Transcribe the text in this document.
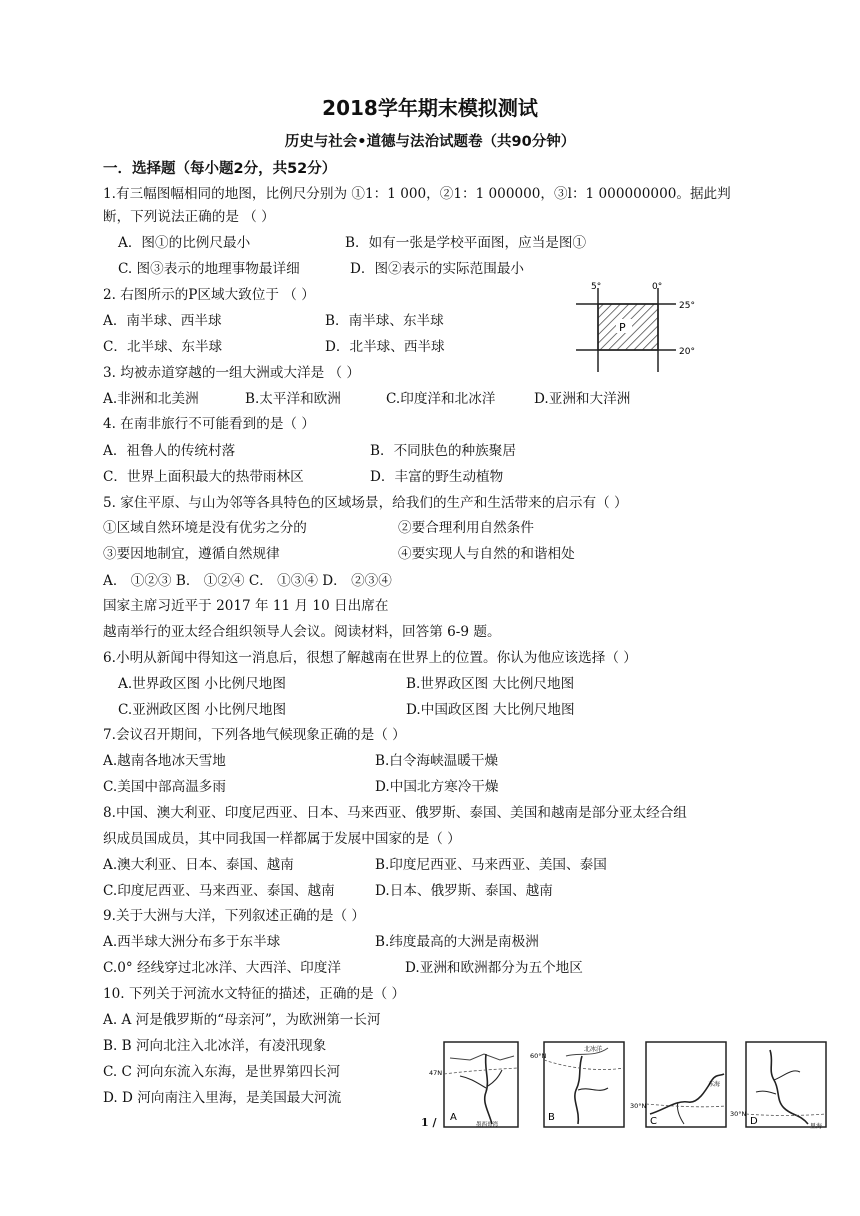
2018学年期末模拟测试
历史与社会•道德与法治试题卷（共90分钟）
一．选择题（每小题2分，共52分）
1.有三幅图幅相同的地图，比例尺分别为 ①1：1 000，②1：1 000000，③l：1 000000000。据此判
断，下列说法正确的是 （ ）
A．图①的比例尺最小	B．如有一张是学校平面图，应当是图①
C. 图③表示的地理事物最详细	D．图②表示的实际范围最小
2. 右图所示的P区域大致位于 （ ）
A．南半球、西半球	B．南半球、东半球
C．北半球、东半球	D．北半球、西半球
P
5°	0°
25°
20°
3. 均被赤道穿越的一组大洲或大洋是 （ ）
A.非洲和北美洲	B.太平洋和欧洲	C.印度洋和北冰洋	D.亚洲和大洋洲
4. 在南非旅行不可能看到的是（ ）
A．祖鲁人的传统村落	B．不同肤色的种族聚居
C．世界上面积最大的热带雨林区	D．丰富的野生动植物
5. 家住平原、与山为邻等各具特色的区域场景，给我们的生产和生活带来的启示有（ ）
①区域自然环境是没有优劣之分的	②要合理利用自然条件
③要因地制宜，遵循自然规律	④要实现人与自然的和谐相处
A． ①②③ B． ①②④ C． ①③④ D． ②③④
国家主席习近平于 2017 年 11 月 10 日出席在
越南举行的亚太经合组织领导人会议。阅读材料，回答第 6-9 题。
6.小明从新闻中得知这一消息后，很想了解越南在世界上的位置。你认为他应该选择（ ）
A.世界政区图 小比例尺地图	B.世界政区图 大比例尺地图
C.亚洲政区图 小比例尺地图	D.中国政区图 大比例尺地图
7.会议召开期间，下列各地气候现象正确的是（ ）
A.越南各地冰天雪地	B.白令海峡温暖干燥
C.美国中部高温多雨	D.中国北方寒冷干燥
8.中国、澳大利亚、印度尼西亚、日本、马来西亚、俄罗斯、泰国、美国和越南是部分亚太经合组
织成员国成员，其中同我国一样都属于发展中国家的是（ ）
A.澳大利亚、日本、泰国、越南	B.印度尼西亚、马来西亚、美国、泰国
C.印度尼西亚、马来西亚、泰国、越南	D.日本、俄罗斯、泰国、越南
9.关于大洲与大洋，下列叙述正确的是（ ）
A.西半球大洲分布多于东半球	B.纬度最高的大洲是南极洲
C.0° 经线穿过北冰洋、大西洋、印度洋	D.亚洲和欧洲都分为五个地区
10. 下列关于河流水文特征的描述，正确的是（ ）
A. A 河是俄罗斯的“母亲河”，为欧洲第一长河
B. B 河向北注入北冰洋，有凌汛现象
C. C 河向东流入东海，是世界第四长河
D. D 河向南注入里海，是美国最大河流
47N
A
墨西哥湾
北冰洋
60°N
B
30°N
东海
C
30°N
里海
D
1 /
